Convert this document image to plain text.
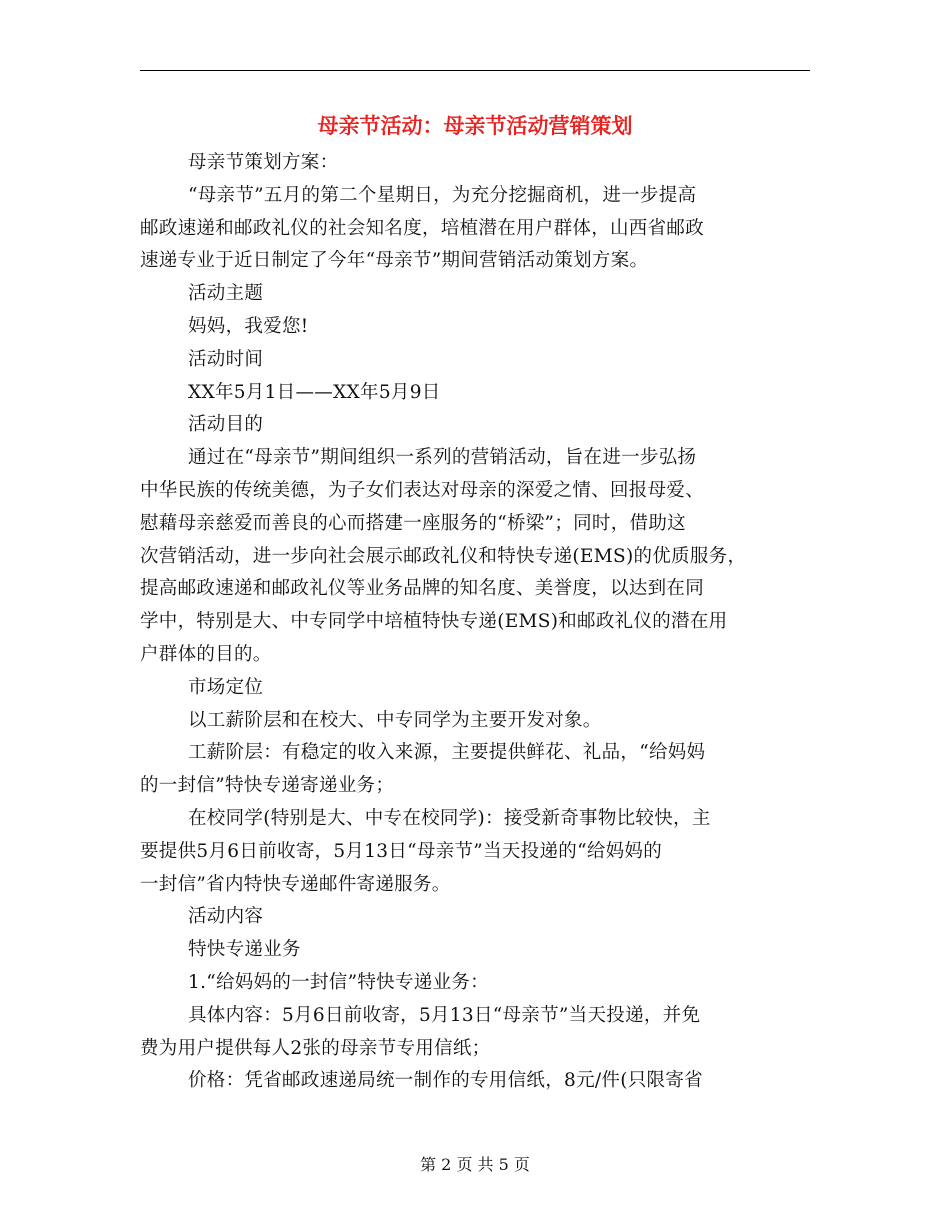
母亲节活动：母亲节活动营销策划

母亲节策划方案：

“母亲节”五月的第二个星期日，为充分挖掘商机，进一步提高

邮政速递和邮政礼仪的社会知名度，培植潜在用户群体，山西省邮政

速递专业于近日制定了今年“母亲节”期间营销活动策划方案。

活动主题

妈妈，我爱您!

活动时间

XX年5月1日——XX年5月9日

活动目的

通过在“母亲节”期间组织一系列的营销活动，旨在进一步弘扬

中华民族的传统美德，为子女们表达对母亲的深爱之情、回报母爱、

慰藉母亲慈爱而善良的心而搭建一座服务的“桥梁”；同时，借助这

次营销活动，进一步向社会展示邮政礼仪和特快专递(EMS)的优质服务，

提高邮政速递和邮政礼仪等业务品牌的知名度、美誉度，以达到在同

学中，特别是大、中专同学中培植特快专递(EMS)和邮政礼仪的潜在用

户群体的目的。

市场定位

以工薪阶层和在校大、中专同学为主要开发对象。

工薪阶层：有稳定的收入来源，主要提供鲜花、礼品，“给妈妈

的一封信”特快专递寄递业务；

在校同学(特别是大、中专在校同学)：接受新奇事物比较快，主

要提供5月6日前收寄，5月13日“母亲节”当天投递的“给妈妈的

一封信”省内特快专递邮件寄递服务。

活动内容

特快专递业务

1.“给妈妈的一封信”特快专递业务：

具体内容：5月6日前收寄，5月13日“母亲节”当天投递，并免

费为用户提供每人2张的母亲节专用信纸；

价格：凭省邮政速递局统一制作的专用信纸，8元/件(只限寄省

第 2 页 共 5 页
